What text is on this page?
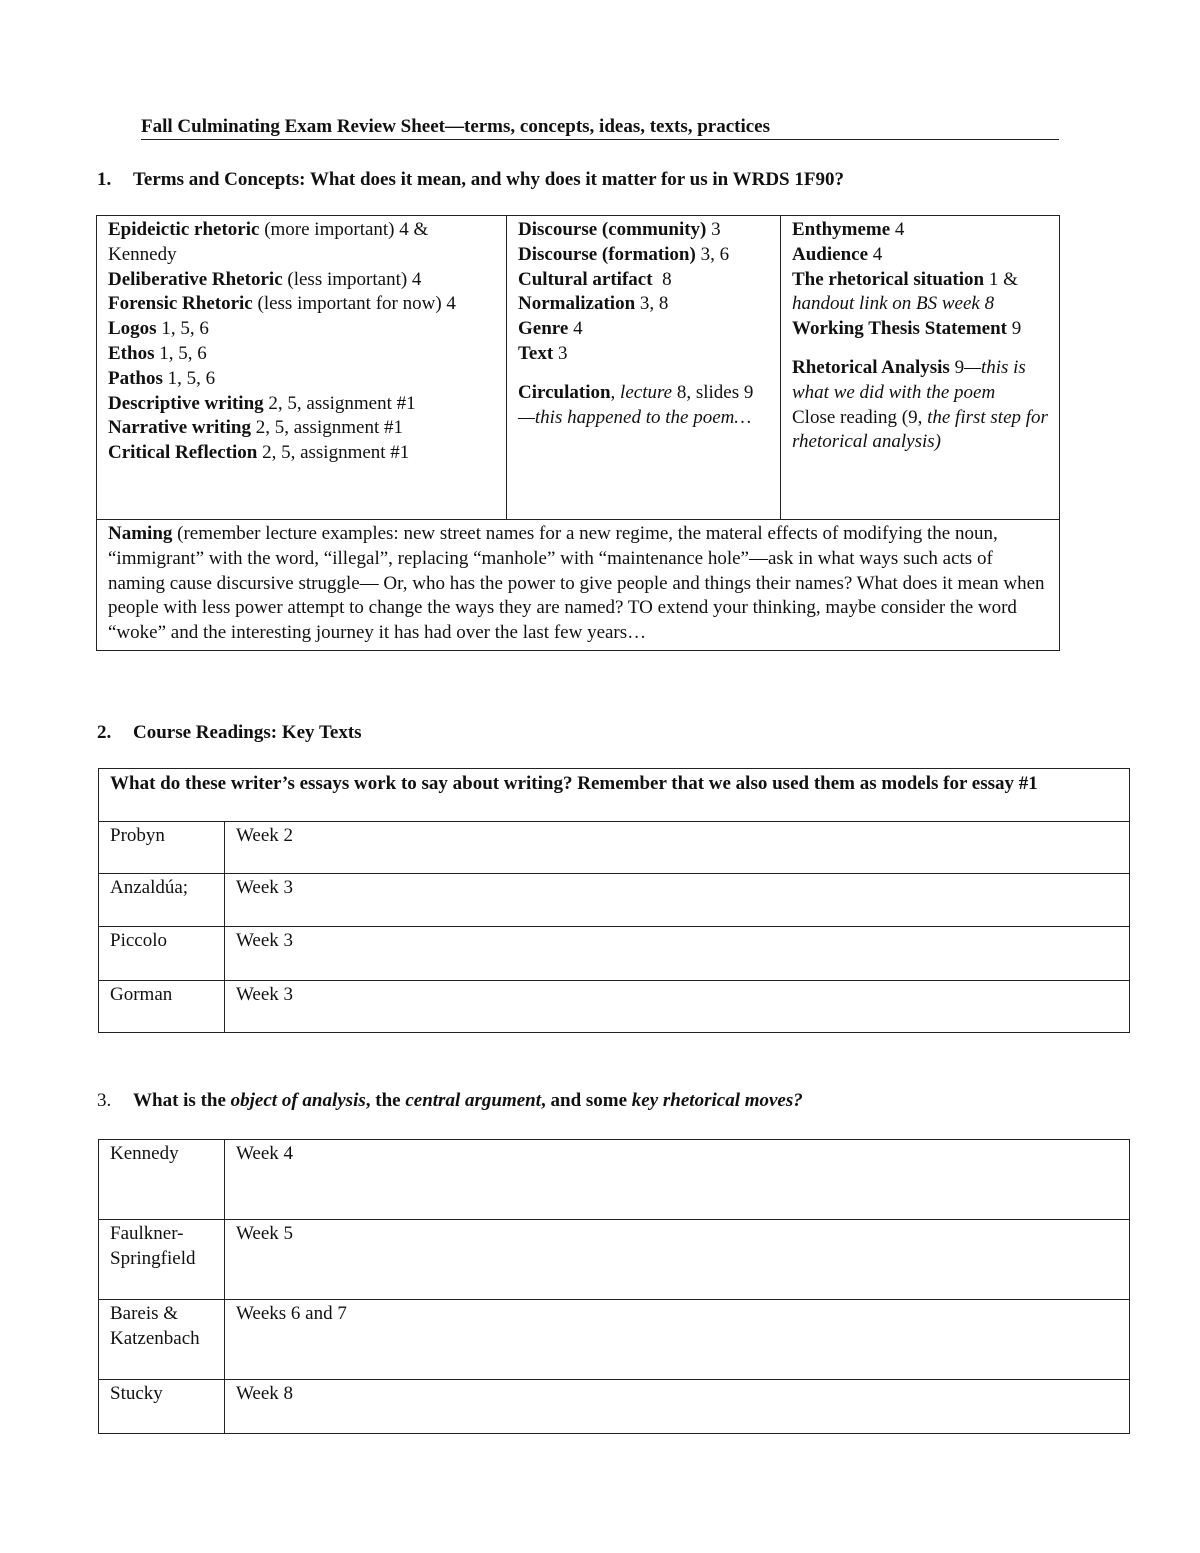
Fall Culminating Exam Review Sheet—terms, concepts, ideas, texts, practices
1. Terms and Concepts: What does it mean, and why does it matter for us in WRDS 1F90?
Epideictic rhetoric (more important) 4 & Kennedy
Deliberative Rhetoric (less important) 4
Forensic Rhetoric (less important for now) 4
Logos 1, 5, 6
Ethos 1, 5, 6
Pathos 1, 5, 6
Descriptive writing 2, 5, assignment #1
Narrative writing 2, 5, assignment #1
Critical Reflection 2, 5, assignment #1

Discourse (community) 3
Discourse (formation) 3, 6
Cultural artifact  8
Normalization 3, 8
Genre 4
Text 3
Circulation, lecture 8, slides 9—this happened to the poem…

Enthymeme 4
Audience 4
The rhetorical situation 1 & handout link on BS week 8
Working Thesis Statement 9
Rhetorical Analysis 9—this is what we did with the poem
Close reading (9, the first step for rhetorical analysis)

Naming (remember lecture examples: new street names for a new regime, the materal effects of modifying the noun, “immigrant” with the word, “illegal”, replacing “manhole” with “maintenance hole”—ask in what ways such acts of naming cause discursive struggle— Or, who has the power to give people and things their names? What does it mean when people with less power attempt to change the ways they are named? TO extend your thinking, maybe consider the word “woke” and the interesting journey it has had over the last few years…
2. Course Readings: Key Texts
What do these writer’s essays work to say about writing? Remember that we also used them as models for essay #1	
Probyn	Week 2
Anzaldúa;	Week 3
Piccolo	Week 3
Gorman	Week 3
3. What is the object of analysis, the central argument, and some key rhetorical moves?
Kennedy	Week 4
Faulkner-Springfield	Week 5
Bareis & Katzenbach	Weeks 6 and 7
Stucky	Week 8
